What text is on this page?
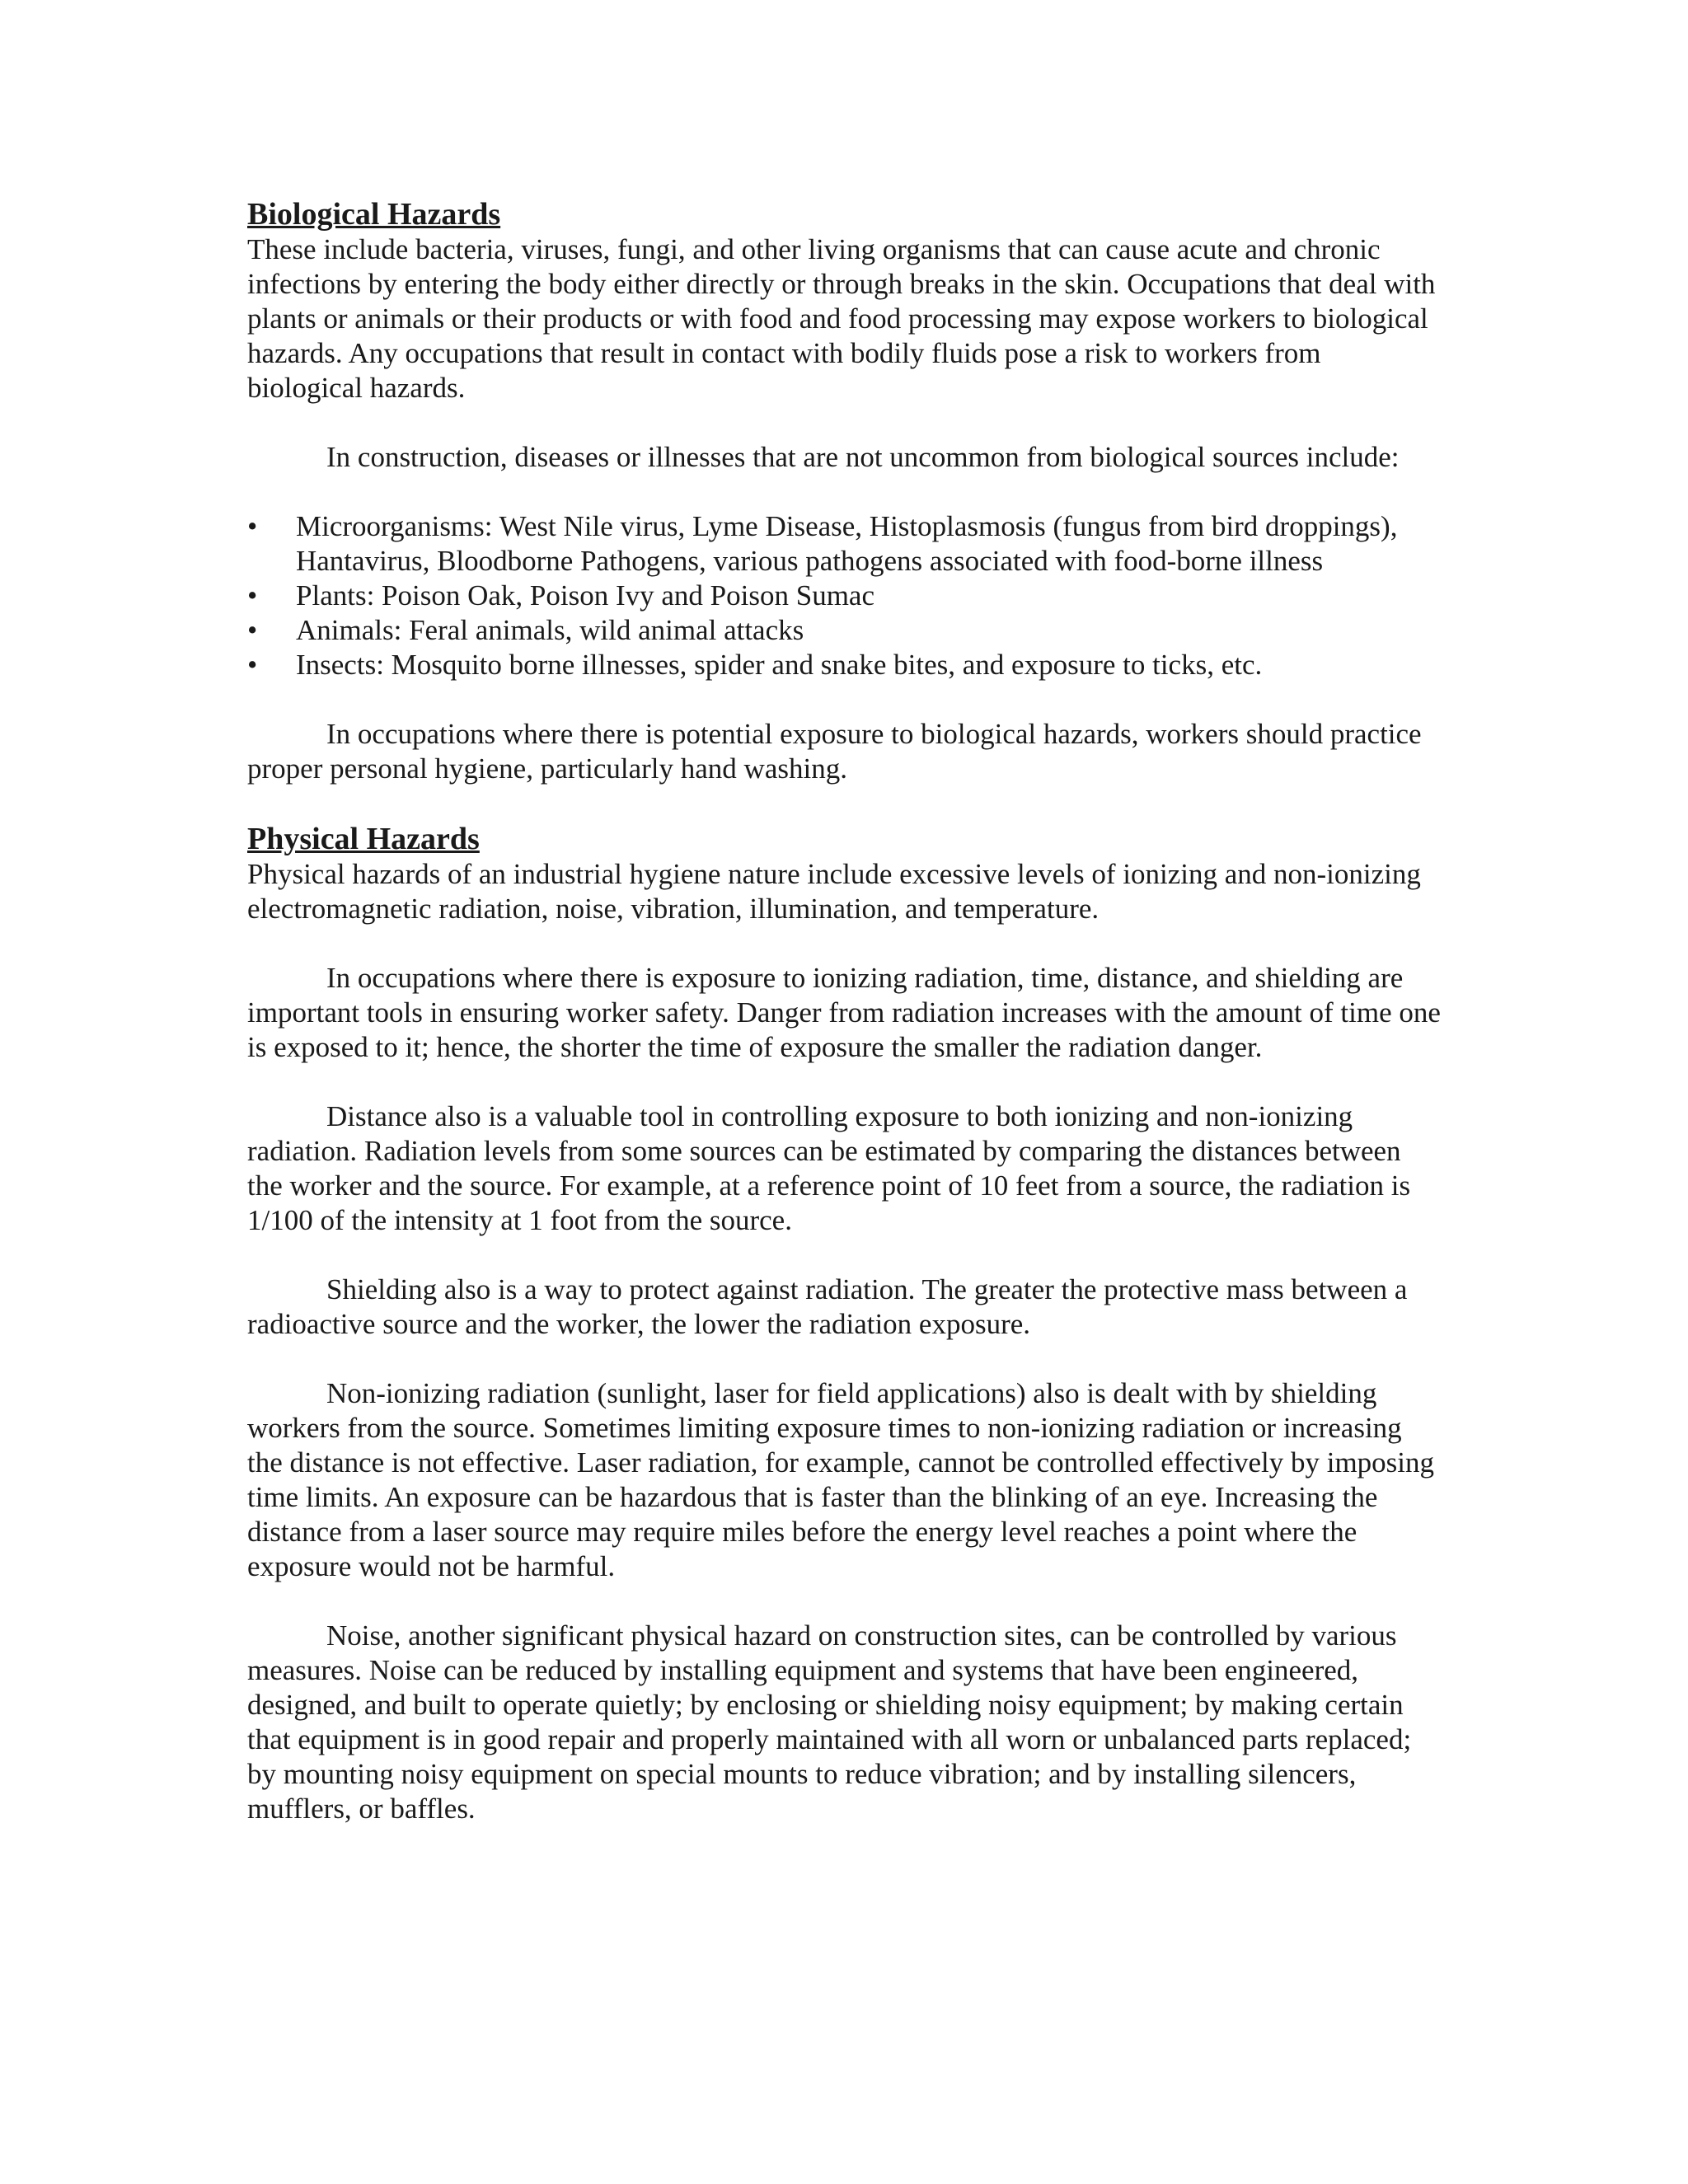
Biological Hazards

These include bacteria, viruses, fungi, and other living organisms that can cause acute and chronic infections by entering the body either directly or through breaks in the skin. Occupations that deal with plants or animals or their products or with food and food processing may expose workers to biological hazards. Any occupations that result in contact with bodily fluids pose a risk to workers from biological hazards.

In construction, diseases or illnesses that are not uncommon from biological sources include:

• Microorganisms: West Nile virus, Lyme Disease, Histoplasmosis (fungus from bird droppings), Hantavirus, Bloodborne Pathogens, various pathogens associated with food-borne illness
• Plants: Poison Oak, Poison Ivy and Poison Sumac
• Animals: Feral animals, wild animal attacks
• Insects: Mosquito borne illnesses, spider and snake bites, and exposure to ticks, etc.

In occupations where there is potential exposure to biological hazards, workers should practice proper personal hygiene, particularly hand washing.

Physical Hazards

Physical hazards of an industrial hygiene nature include excessive levels of ionizing and non-ionizing electromagnetic radiation, noise, vibration, illumination, and temperature.

In occupations where there is exposure to ionizing radiation, time, distance, and shielding are important tools in ensuring worker safety. Danger from radiation increases with the amount of time one is exposed to it; hence, the shorter the time of exposure the smaller the radiation danger.

Distance also is a valuable tool in controlling exposure to both ionizing and non-ionizing radiation. Radiation levels from some sources can be estimated by comparing the distances between the worker and the source. For example, at a reference point of 10 feet from a source, the radiation is 1/100 of the intensity at 1 foot from the source.

Shielding also is a way to protect against radiation. The greater the protective mass between a radioactive source and the worker, the lower the radiation exposure.

Non-ionizing radiation (sunlight, laser for field applications) also is dealt with by shielding workers from the source. Sometimes limiting exposure times to non-ionizing radiation or increasing the distance is not effective. Laser radiation, for example, cannot be controlled effectively by imposing time limits. An exposure can be hazardous that is faster than the blinking of an eye. Increasing the distance from a laser source may require miles before the energy level reaches a point where the exposure would not be harmful.

Noise, another significant physical hazard on construction sites, can be controlled by various measures. Noise can be reduced by installing equipment and systems that have been engineered, designed, and built to operate quietly; by enclosing or shielding noisy equipment; by making certain that equipment is in good repair and properly maintained with all worn or unbalanced parts replaced; by mounting noisy equipment on special mounts to reduce vibration; and by installing silencers, mufflers, or baffles.
